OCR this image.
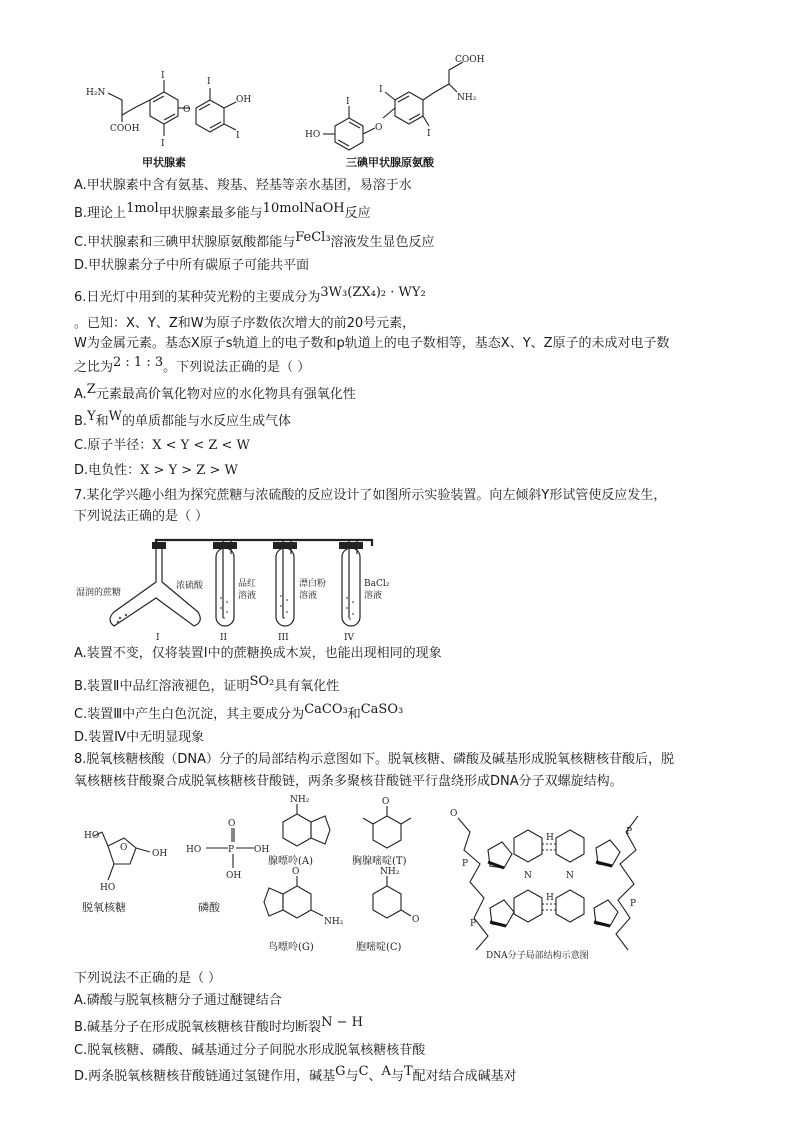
H₂N
COOH
I
I
O
I
OH
I
甲状腺素
HO
I
O
I
I
COOH
NH₂
三碘甲状腺原氨酸
A.甲状腺素中含有氨基、羧基、羟基等亲水基团，易溶于水
B.理论上1mol甲状腺素最多能与10molNaOH反应
C.甲状腺素和三碘甲状腺原氨酸都能与FeCl₃溶液发生显色反应
D.甲状腺素分子中所有碳原子可能共平面
6.日光灯中用到的某种荧光粉的主要成分为3W₃(ZX₄)₂ · WY₂
。已知：X、Y、Z和W为原子序数依次增大的前20号元素，
W为金属元素。基态X原子s轨道上的电子数和p轨道上的电子数相等，基态X、Y、Z原子的未成对电子数
之比为2 : 1 : 3。下列说法正确的是（ ）
A.Z元素最高价氧化物对应的水化物具有强氧化性
B.Y和W的单质都能与水反应生成气体
C.原子半径：X < Y < Z < W
D.电负性：X > Y > Z > W
7.某化学兴趣小组为探究蔗糖与浓硫酸的反应设计了如图所示实验装置。向左倾斜Y形试管使反应发生，
下列说法正确的是（ ）
湿润的蔗糖
浓硫酸	品红
溶液
漂白粉
溶液
BaCl₂
溶液
I	II	III	IV
A.装置不变，仅将装置Ⅰ中的蔗糖换成木炭，也能出现相同的现象
B.装置Ⅱ中品红溶液褪色，证明SO₂具有氧化性
C.装置Ⅲ中产生白色沉淀，其主要成分为CaCO₃和CaSO₃
D.装置Ⅳ中无明显现象
8.脱氧核糖核酸（DNA）分子的局部结构示意图如下。脱氧核糖、磷酸及碱基形成脱氧核糖核苷酸后，脱
氧核糖核苷酸聚合成脱氧核糖核苷酸链，两条多聚核苷酸链平行盘绕形成DNA分子双螺旋结构。
HO
OH
HO
O	HO	P OH
O
OH
NH₂	O
O
NH₂
NH₂
O
O
P
P
P
P
H
H
N	N
DNA分子局部结构示意图
脱氧核糖	磷酸
腺嘌呤(A)	胸腺嘧啶(T)
鸟嘌呤(G)	胞嘧啶(C)
下列说法不正确的是（ ）
A.磷酸与脱氧核糖分子通过醚键结合
B.碱基分子在形成脱氧核糖核苷酸时均断裂N − H
C.脱氧核糖、磷酸、碱基通过分子间脱水形成脱氧核糖核苷酸
D.两条脱氧核糖核苷酸链通过氢键作用，碱基G与C、A与T配对结合成碱基对
